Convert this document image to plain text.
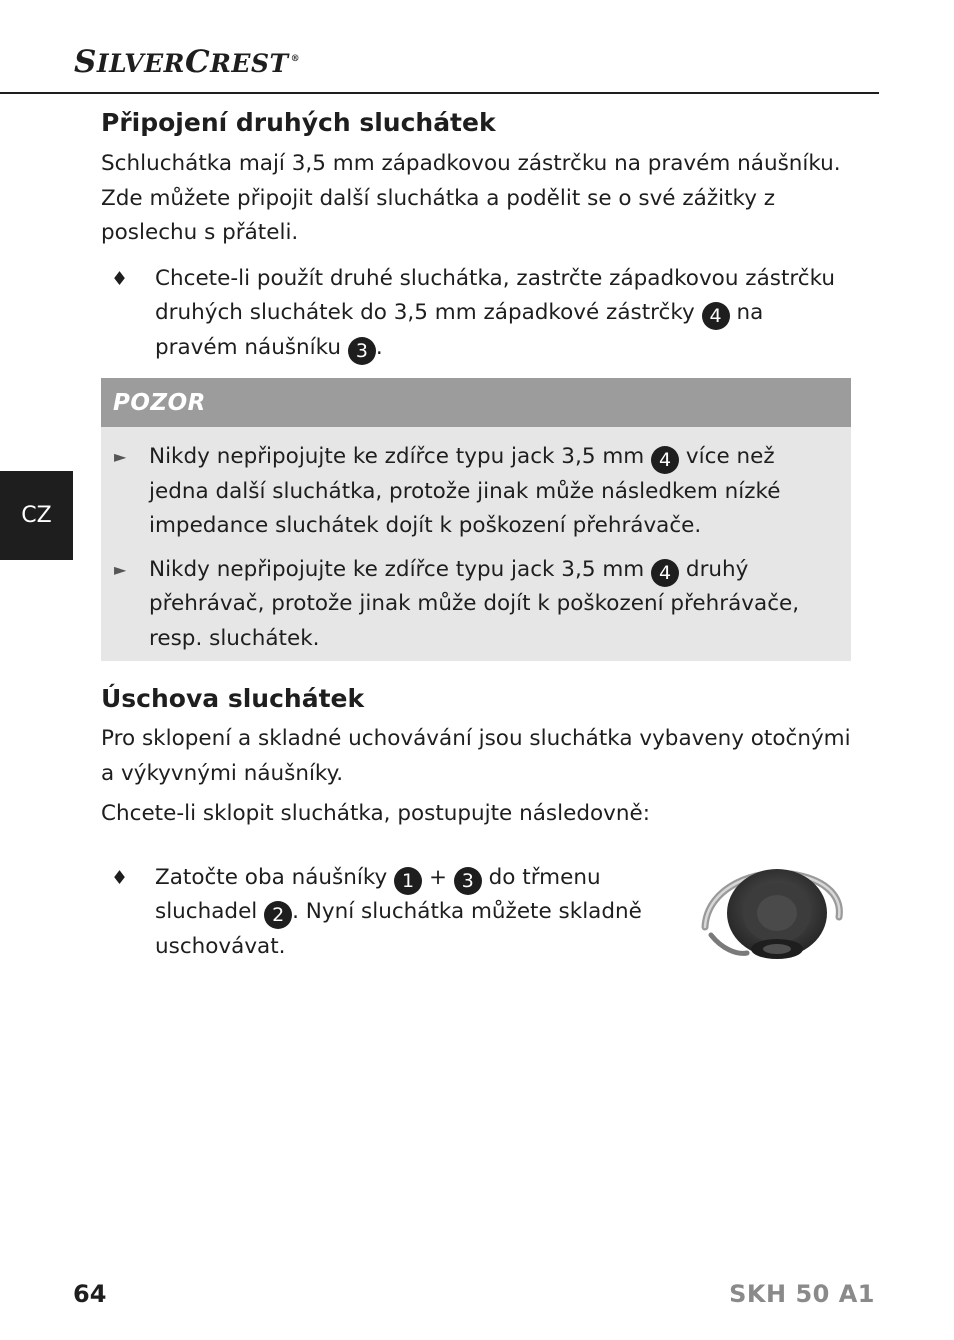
SILVERCREST ®
CZ
Připojení druhých sluchátek

Schluchátka mají 3,5 mm západkovou zástrčku na pravém náušníku.
Zde můžete připojit další sluchátka a podělit se o své zážitky z
poslechu s přáteli.

♦ Chcete-li použít druhé sluchátka, zastrčte západkovou zástrčku
druhých sluchátek do 3,5 mm západkové zástrčky 4 na
pravém náušníku 3 .
POZOR
► Nikdy nepřipojujte ke zdířce typu jack 3,5 mm 4 více než
jedna další sluchátka, protože jinak může následkem nízké
impedance sluchátek dojít k poškození přehrávače.
► Nikdy nepřipojujte ke zdířce typu jack 3,5 mm 4 druhý
přehrávač, protože jinak může dojít k poškození přehrávače,
resp. sluchátek.
Úschova sluchátek

Pro sklopení a skladné uchovávání jsou sluchátka vybaveny otočnými
a výkyvnými náušníky.

Chcete-li sklopit sluchátka, postupujte následovně:

♦ Zatočte oba náušníky 1 + 3 do třmenu
sluchadel 2 . Nyní sluchátka můžete skladně
uschovávat.
64	SKH 50 A1
